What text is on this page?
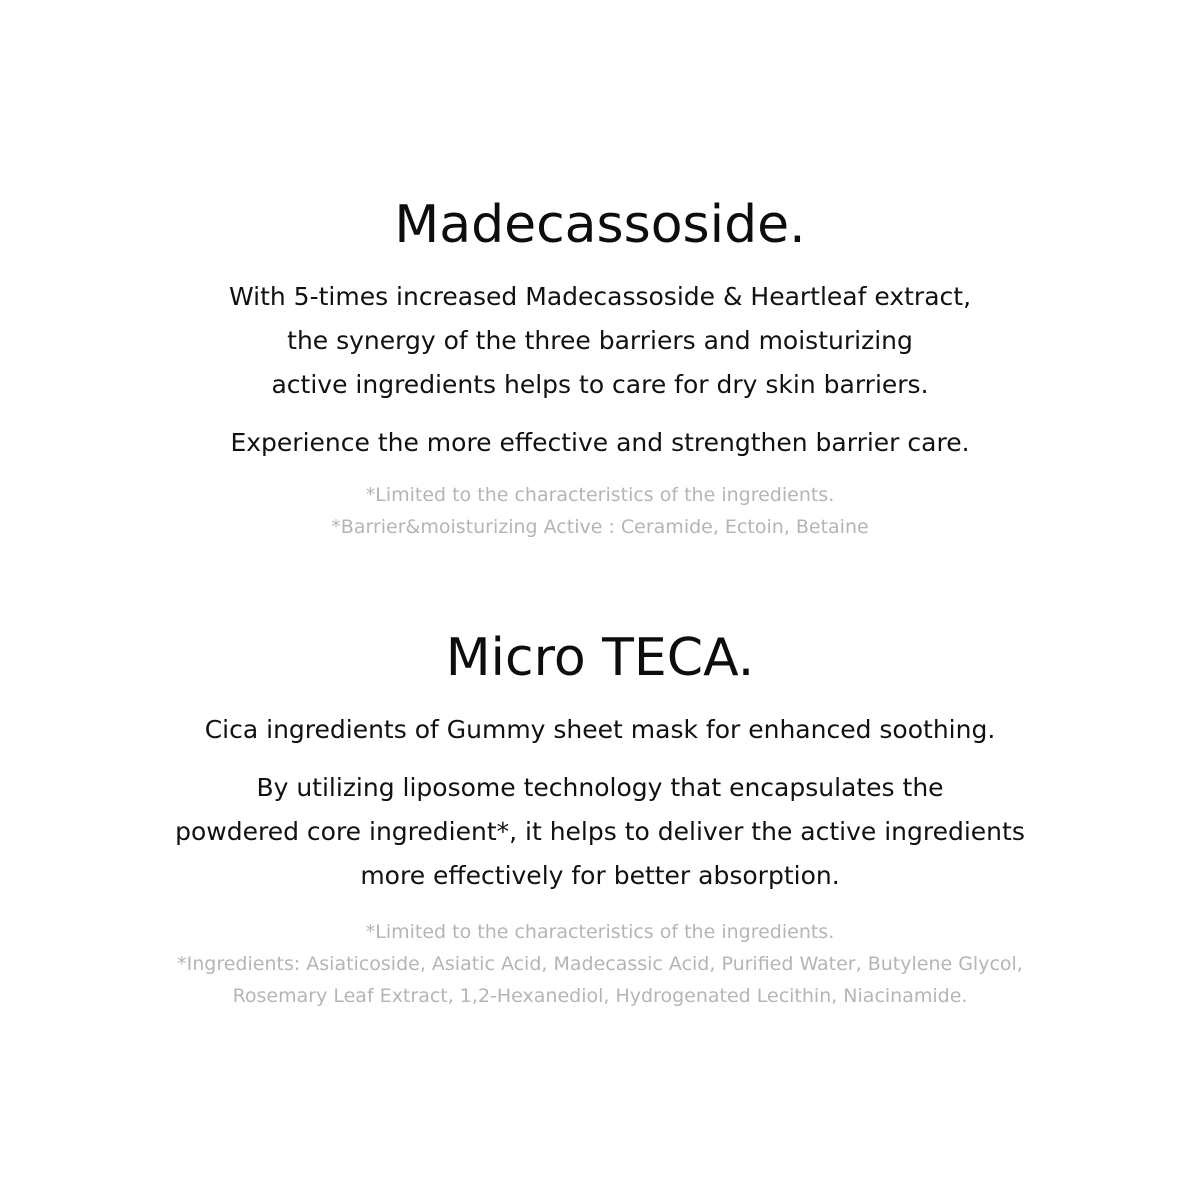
Madecassoside.
With 5-times increased Madecassoside & Heartleaf extract,
the synergy of the three barriers and moisturizing
active ingredients helps to care for dry skin barriers.
Experience the more effective and strengthen barrier care.
*Limited to the characteristics of the ingredients.
*Barrier&moisturizing Active : Ceramide, Ectoin, Betaine
Micro TECA.
Cica ingredients of Gummy sheet mask for enhanced soothing.
By utilizing liposome technology that encapsulates the
powdered core ingredient*, it helps to deliver the active ingredients
more effectively for better absorption.
*Limited to the characteristics of the ingredients.
*Ingredients: Asiaticoside, Asiatic Acid, Madecassic Acid, Purified Water, Butylene Glycol,
Rosemary Leaf Extract, 1,2-Hexanediol, Hydrogenated Lecithin, Niacinamide.
